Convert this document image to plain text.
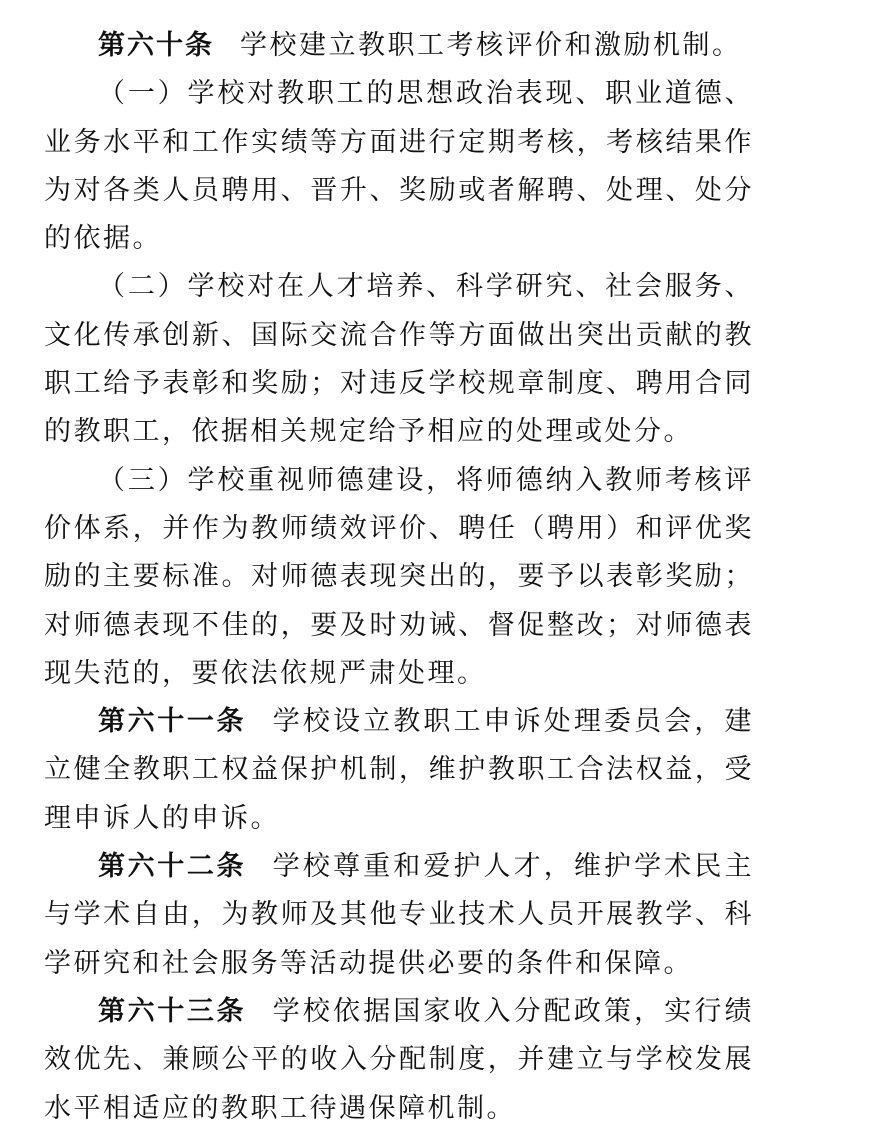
第六十条 学校建立教职工考核评价和激励机制。

（一）学校对教职工的思想政治表现、职业道德、业务水平和工作实绩等方面进行定期考核，考核结果作为对各类人员聘用、晋升、奖励或者解聘、处理、处分的依据。

（二）学校对在人才培养、科学研究、社会服务、文化传承创新、国际交流合作等方面做出突出贡献的教职工给予表彰和奖励；对违反学校规章制度、聘用合同的教职工，依据相关规定给予相应的处理或处分。

（三）学校重视师德建设，将师德纳入教师考核评价体系，并作为教师绩效评价、聘任（聘用）和评优奖励的主要标准。对师德表现突出的，要予以表彰奖励；对师德表现不佳的，要及时劝诫、督促整改；对师德表现失范的，要依法依规严肃处理。

第六十一条 学校设立教职工申诉处理委员会，建立健全教职工权益保护机制，维护教职工合法权益，受理申诉人的申诉。

第六十二条 学校尊重和爱护人才，维护学术民主与学术自由，为教师及其他专业技术人员开展教学、科学研究和社会服务等活动提供必要的条件和保障。

第六十三条 学校依据国家收入分配政策，实行绩效优先、兼顾公平的收入分配制度，并建立与学校发展水平相适应的教职工待遇保障机制。
